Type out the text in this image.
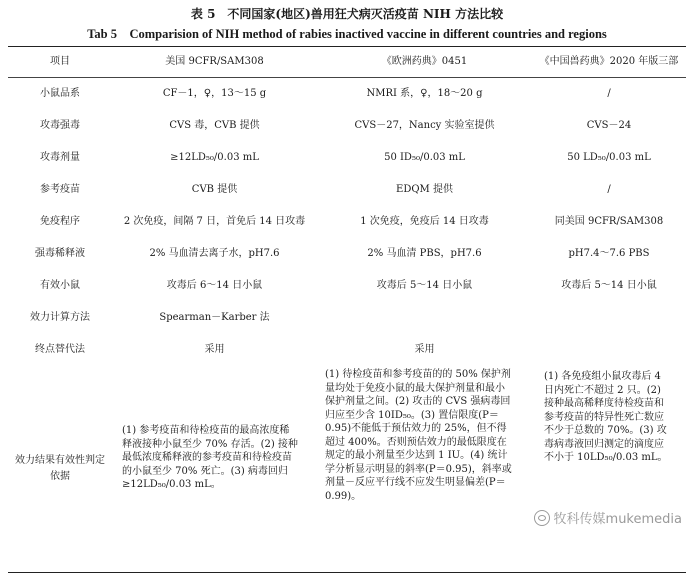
表 5　不同国家(地区)兽用狂犬病灭活疫苗 NIH 方法比较
Tab 5　Comparision of NIH method of rabies inactived vaccine in different countries and regions
项目	美国 9CFR/SAM308	《欧洲药典》0451	《中国兽药典》2020 年版三部
小鼠品系	CF－1，♀，13～15 g	NMRI 系，♀，18～20 g	/
攻毒强毒	CVS 毒，CVB 提供	CVS－27，Nancy 实验室提供	CVS－24
攻毒剂量	≥12LD₅₀/0.03 mL	50 ID₅₀/0.03 mL	50 LD₅₀/0.03 mL
参考疫苗	CVB 提供	EDQM 提供	/
免疫程序	2 次免疫，间隔 7 日，首免后 14 日攻毒	1 次免疫，免疫后 14 日攻毒	同美国 9CFR/SAM308
强毒稀释液	2% 马血清去离子水，pH7.6	2% 马血清 PBS，pH7.6	pH7.4～7.6 PBS
有效小鼠	攻毒后 6～14 日小鼠	攻毒后 5～14 日小鼠	攻毒后 5～14 日小鼠
效力计算方法	Spearman－Karber 法		
终点替代法	采用	采用	
效力结果有效性判定依据	(1) 参考疫苗和待检疫苗的最高浓度稀释液接种小鼠至少 70% 存活。(2) 接种最低浓度稀释液的参考疫苗和待检疫苗的小鼠至少 70% 死亡。(3) 病毒回归≥12LD₅₀/0.03 mL。	(1) 待检疫苗和参考疫苗的的 50% 保护剂量均处于免疫小鼠的最大保护剂量和最小保护剂量之间。(2) 攻击的 CVS 强病毒回归应至少含 10ID₅₀。(3) 置信限度(P＝0.95)不能低于预估效力的 25%，但不得超过 400%。否则预估效力的最低限度在规定的最小剂量至少达到 1 IU。(4) 统计学分析显示明显的斜率(P＝0.95)，斜率或剂量－反应平行线不应发生明显偏差(P＝0.99)。	(1) 各免疫组小鼠攻毒后 4 日内死亡不超过 2 只。(2) 接种最高稀释度待检疫苗和参考疫苗的特异性死亡数应不少于总数的 70%。(3) 攻毒病毒液回归测定的滴度应不小于 10LD₅₀/0.03 mL。
牧科传媒mukemedia
